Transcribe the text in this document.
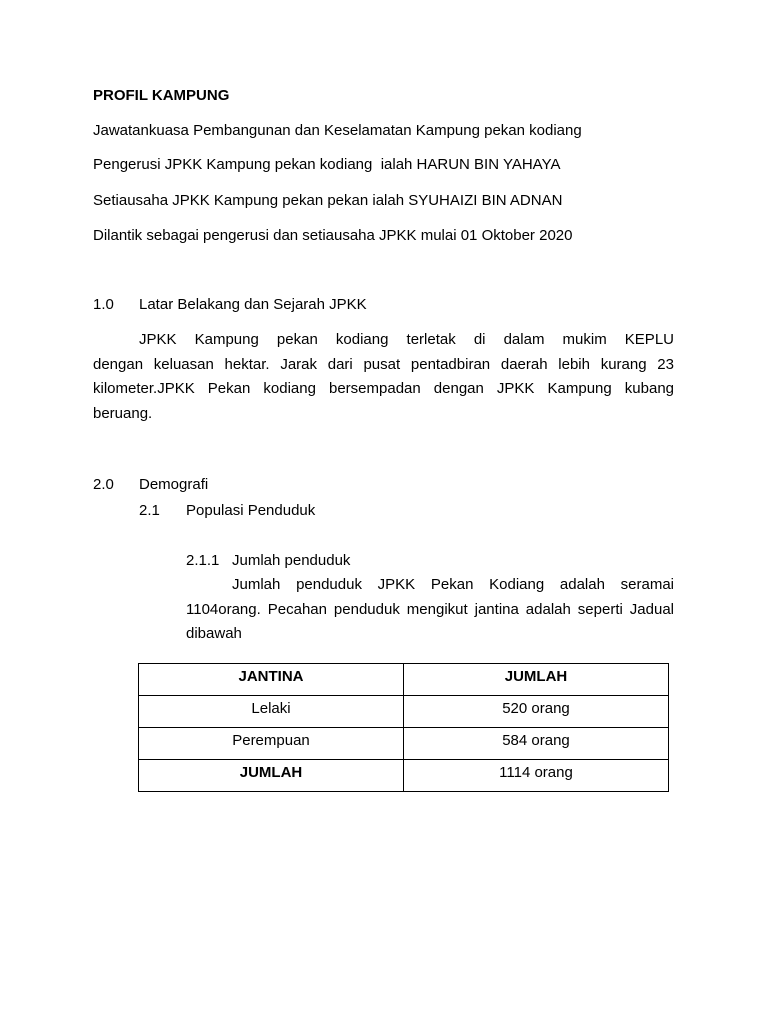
PROFIL KAMPUNG
Jawatankuasa Pembangunan dan Keselamatan Kampung pekan kodiang
Pengerusi JPKK Kampung pekan kodiang  ialah HARUN BIN YAHAYA
Setiausaha JPKK Kampung pekan pekan ialah SYUHAIZI BIN ADNAN
Dilantik sebagai pengerusi dan setiausaha JPKK mulai 01 Oktober 2020
1.0 Latar Belakang dan Sejarah JPKK
JPKK Kampung pekan kodiang terletak di dalam mukim KEPLU
dengan keluasan hektar. Jarak dari pusat pentadbiran daerah lebih kurang 23
kilometer.JPKK Pekan kodiang bersempadan dengan JPKK Kampung kubang
beruang.
2.0 Demografi
2.1 Populasi Penduduk
2.1.1 Jumlah penduduk
Jumlah penduduk JPKK Pekan Kodiang adalah seramai
1104orang. Pecahan penduduk mengikut jantina adalah seperti Jadual
dibawah
JANTINA	JUMLAH
Lelaki	520 orang
Perempuan	584 orang
JUMLAH	1114 orang
